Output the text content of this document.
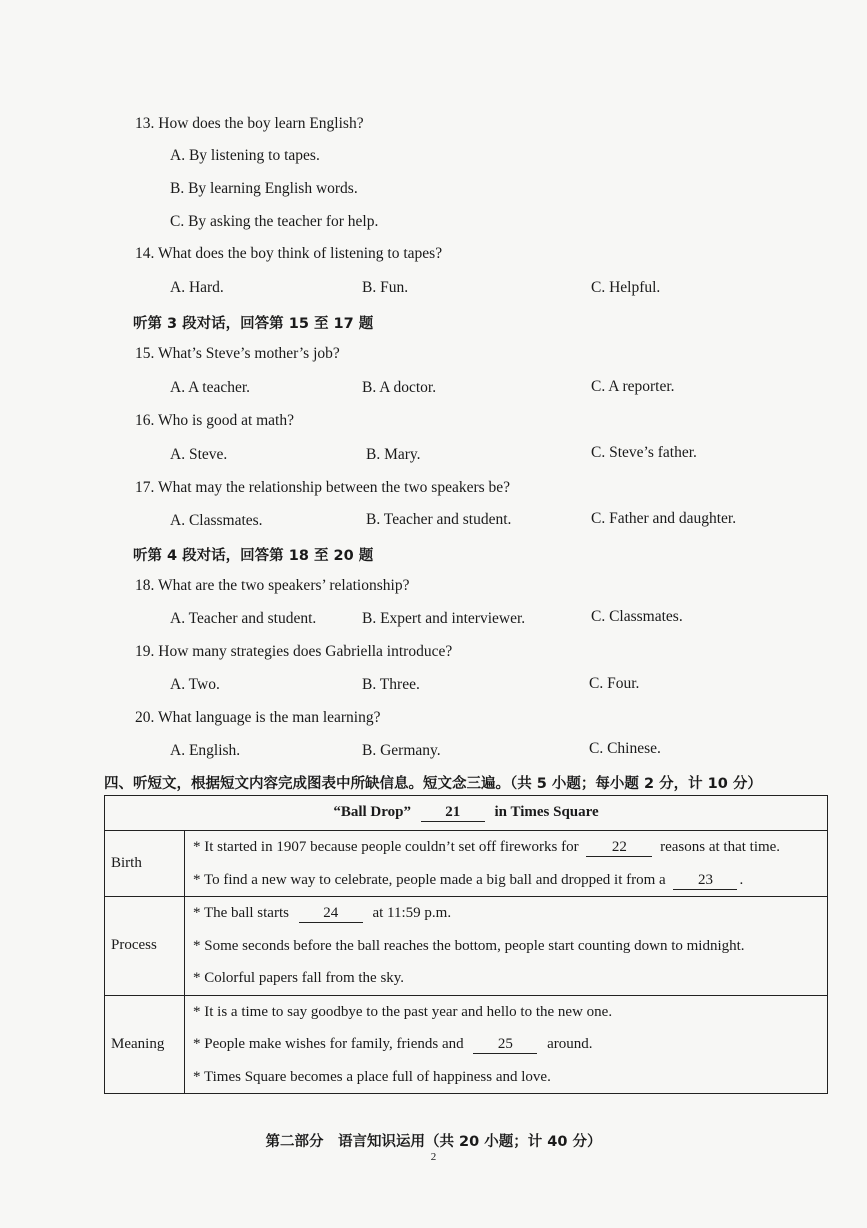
13. How does the boy learn English?
A. By listening to tapes.
B. By learning English words.
C. By asking the teacher for help.
14. What does the boy think of listening to tapes?
A. Hard.	B. Fun.	C. Helpful.
听第 3 段对话，回答第 15 至 17 题
15. What’s Steve’s mother’s job?
A. A teacher.	B. A doctor.	C. A reporter.
16. Who is good at math?
A. Steve.	B. Mary.	C. Steve’s father.
17. What may the relationship between the two speakers be?
A. Classmates.	B. Teacher and student.	C. Father and daughter.
听第 4 段对话，回答第 18 至 20 题
18. What are the two speakers’ relationship?
A. Teacher and student.	B. Expert and interviewer.	C. Classmates.
19. How many strategies does Gabriella introduce?
A. Two.	B. Three.	C. Four.
20. What language is the man learning?
A. English.	B. Germany.	C. Chinese.
四、听短文，根据短文内容完成图表中所缺信息。短文念三遍。（共 5 小题；每小题 2 分，计 10 分）
“Ball Drop” 21 in Times Square	
Birth	* It started in 1907 because people couldn’t set off fireworks for 22 reasons at that time.
* To find a new way to celebrate, people made a big ball and dropped it from a 23 .

Process	* The ball starts 24 at 11:59 p.m.
* Some seconds before the ball reaches the bottom, people start counting down to midnight.
* Colorful papers fall from the sky.

Meaning	* It is a time to say goodbye to the past year and hello to the new one.
* People make wishes for family, friends and 25 around.
* Times Square becomes a place full of happiness and love.
第二部分　语言知识运用（共 20 小题；计 40 分）
2
